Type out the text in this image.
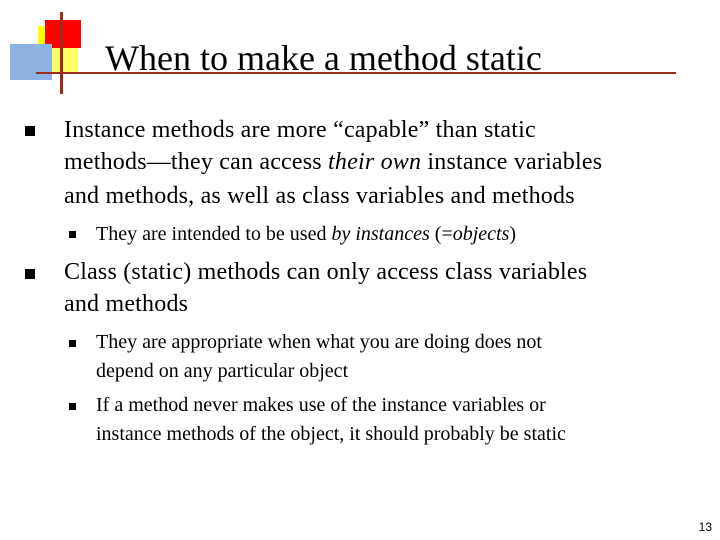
When to make a method static
Instance methods are more “capable” than static
methods—they can access their own instance variables
and methods, as well as class variables and methods
They are intended to be used by instances (=objects)
Class (static) methods can only access class variables
and methods
They are appropriate when what you are doing does not
depend on any particular object
If a method never makes use of the instance variables or
instance methods of the object, it should probably be static
13
